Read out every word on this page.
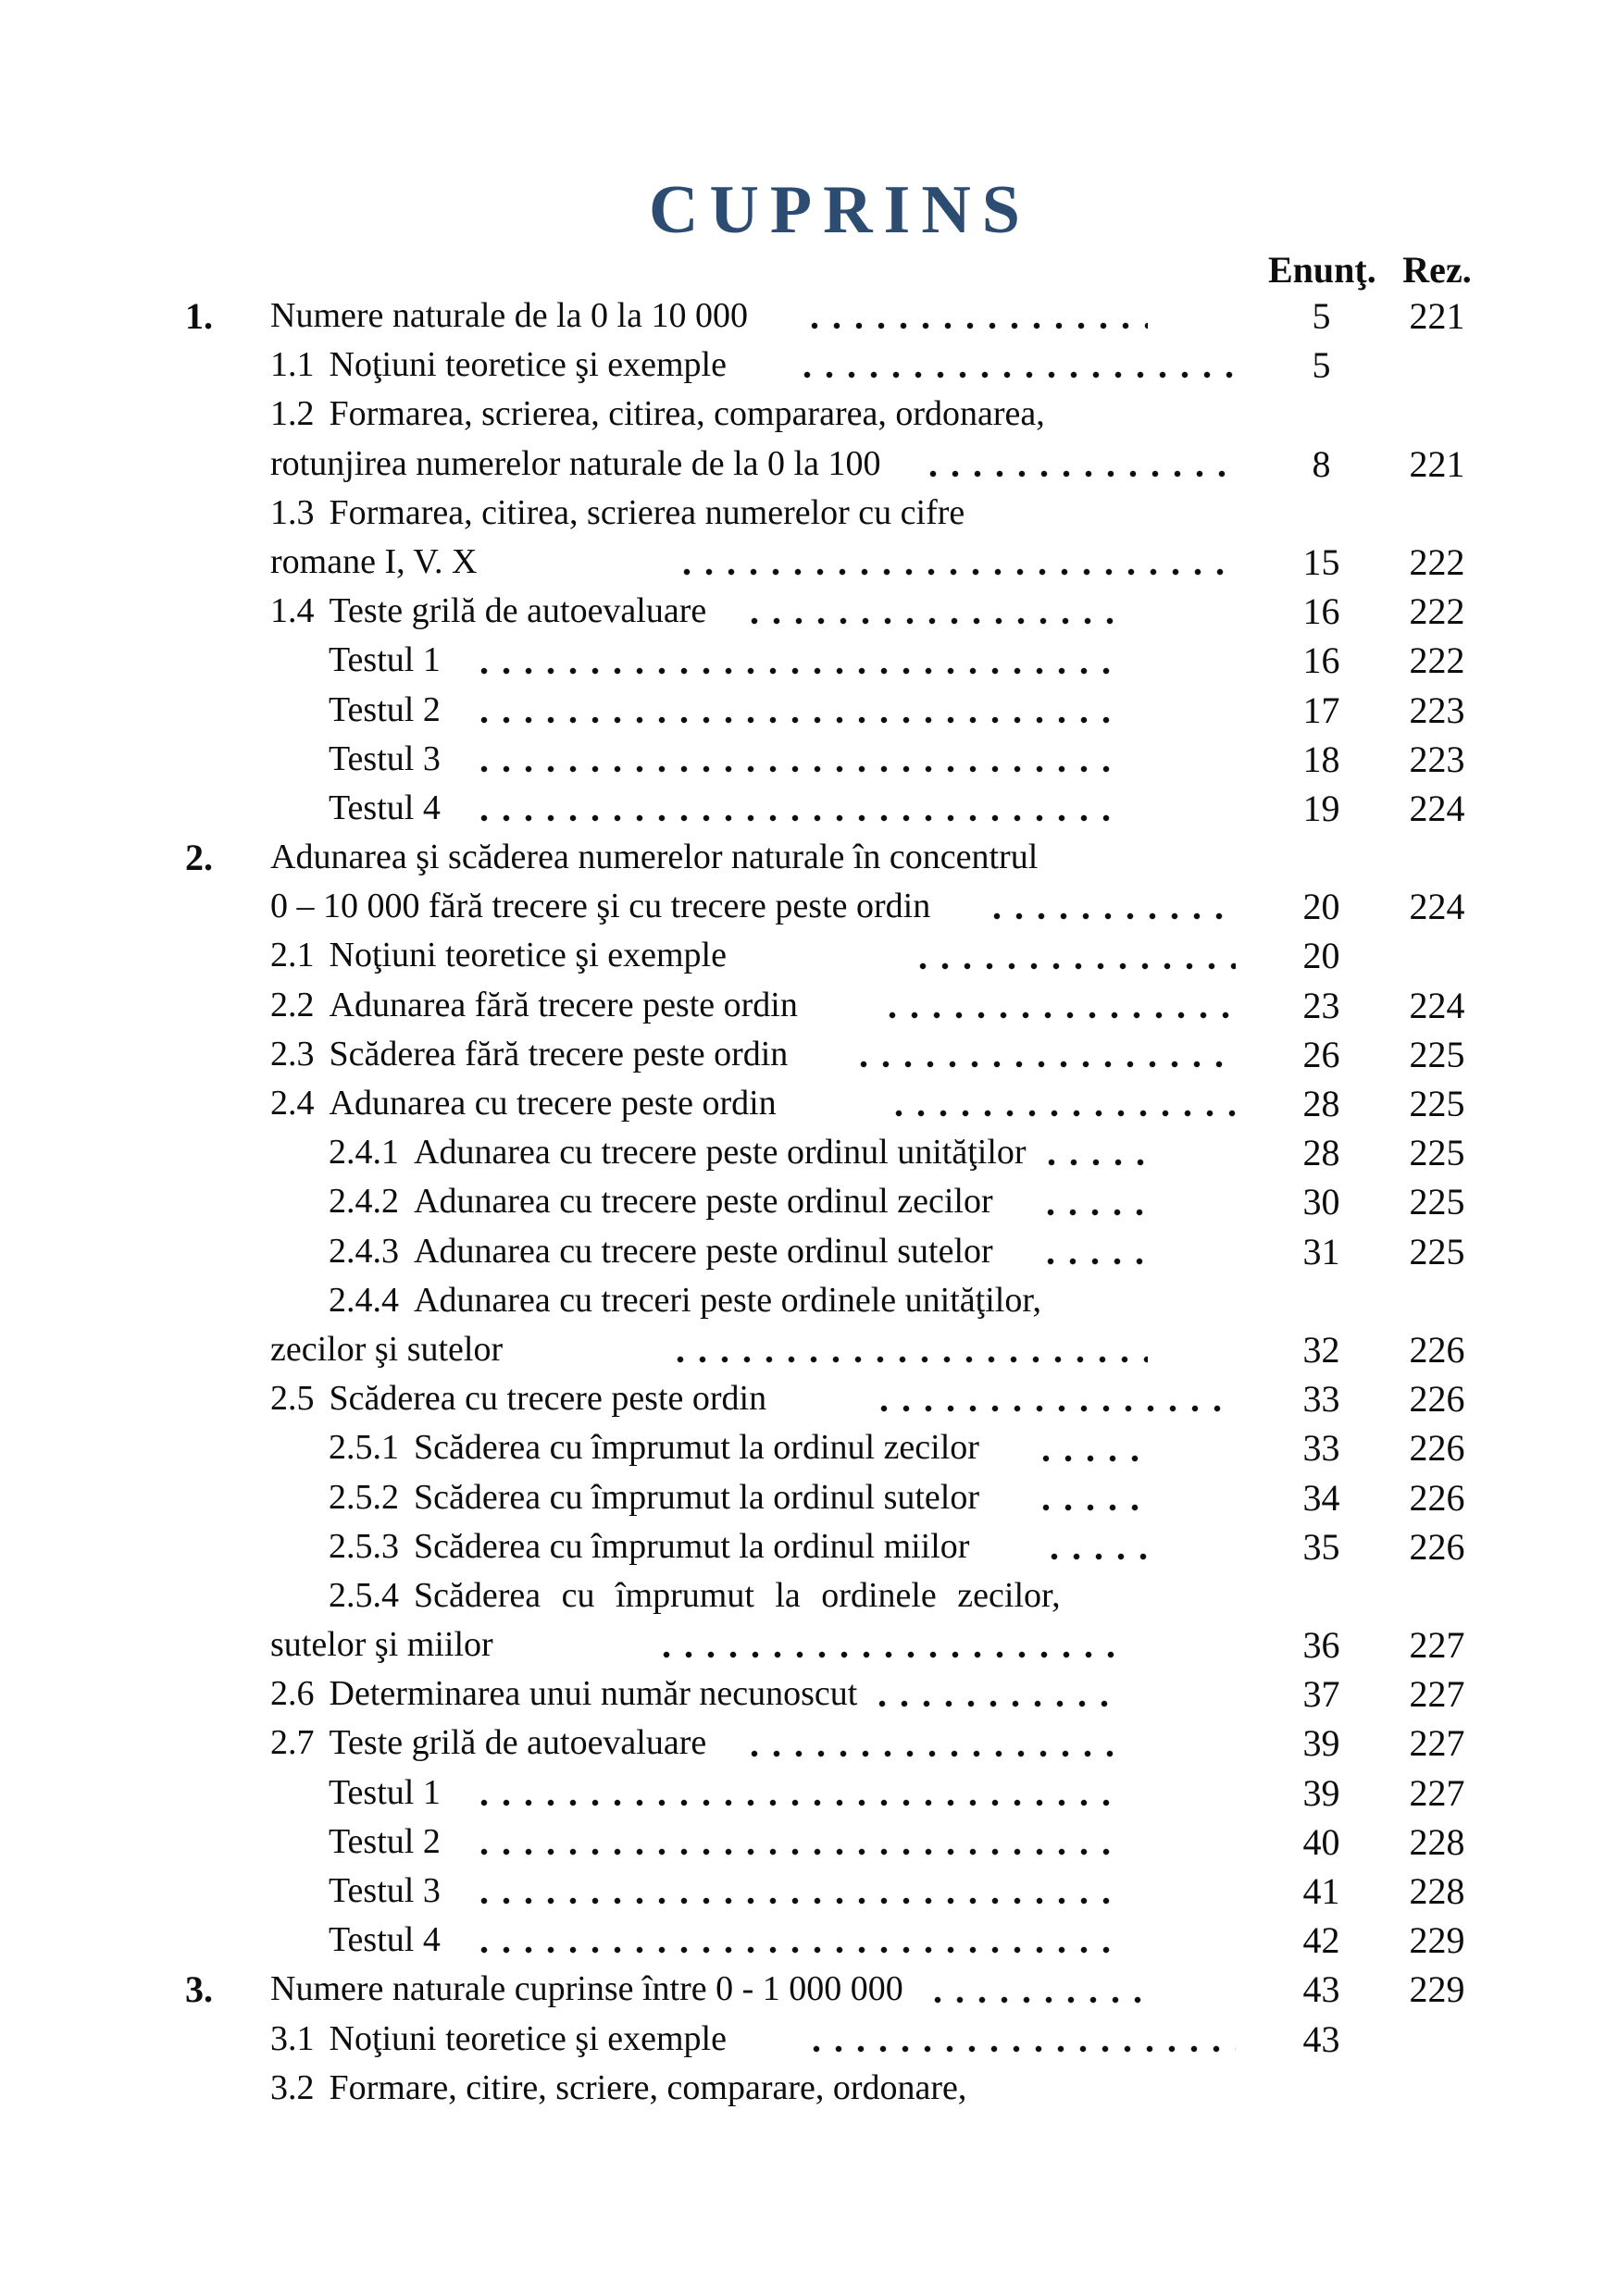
CUPRINS
Enunţ. Rez.
1.	Numere naturale de la 0 la 10 000	5	221
1.1 Noţiuni teoretice şi exemple	5
1.2 Formarea, scrierea, citirea, compararea, ordonarea,
rotunjirea numerelor naturale de la 0 la 100	8	221
1.3 Formarea, citirea, scrierea numerelor cu cifre
romane I, V. X	15	222
1.4 Teste grilă de autoevaluare	16	222
Testul 1	16	222
Testul 2	17	223
Testul 3	18	223
Testul 4	19	224
2.	Adunarea şi scăderea numerelor naturale în concentrul
0 – 10 000 fără trecere şi cu trecere peste ordin	20	224
2.1 Noţiuni teoretice şi exemple	20
2.2 Adunarea fără trecere peste ordin	23	224
2.3 Scăderea fără trecere peste ordin	26	225
2.4 Adunarea cu trecere peste ordin	28	225
2.4.1 Adunarea cu trecere peste ordinul unităţilor	28	225
2.4.2 Adunarea cu trecere peste ordinul zecilor	30	225
2.4.3 Adunarea cu trecere peste ordinul sutelor	31	225
2.4.4 Adunarea cu treceri peste ordinele unităţilor,
zecilor şi sutelor	32	226
2.5 Scăderea cu trecere peste ordin	33	226
2.5.1 Scăderea cu împrumut la ordinul zecilor	33	226
2.5.2 Scăderea cu împrumut la ordinul sutelor	34	226
2.5.3 Scăderea cu împrumut la ordinul miilor	35	226
2.5.4 Scăderea cu împrumut la ordinele zecilor,
sutelor şi miilor	36	227
2.6 Determinarea unui număr necunoscut	37	227
2.7 Teste grilă de autoevaluare	39	227
Testul 1	39	227
Testul 2	40	228
Testul 3	41	228
Testul 4	42	229
3.	Numere naturale cuprinse între 0 - 1 000 000	43	229
3.1 Noţiuni teoretice şi exemple	43
3.2 Formare, citire, scriere, comparare, ordonare,
